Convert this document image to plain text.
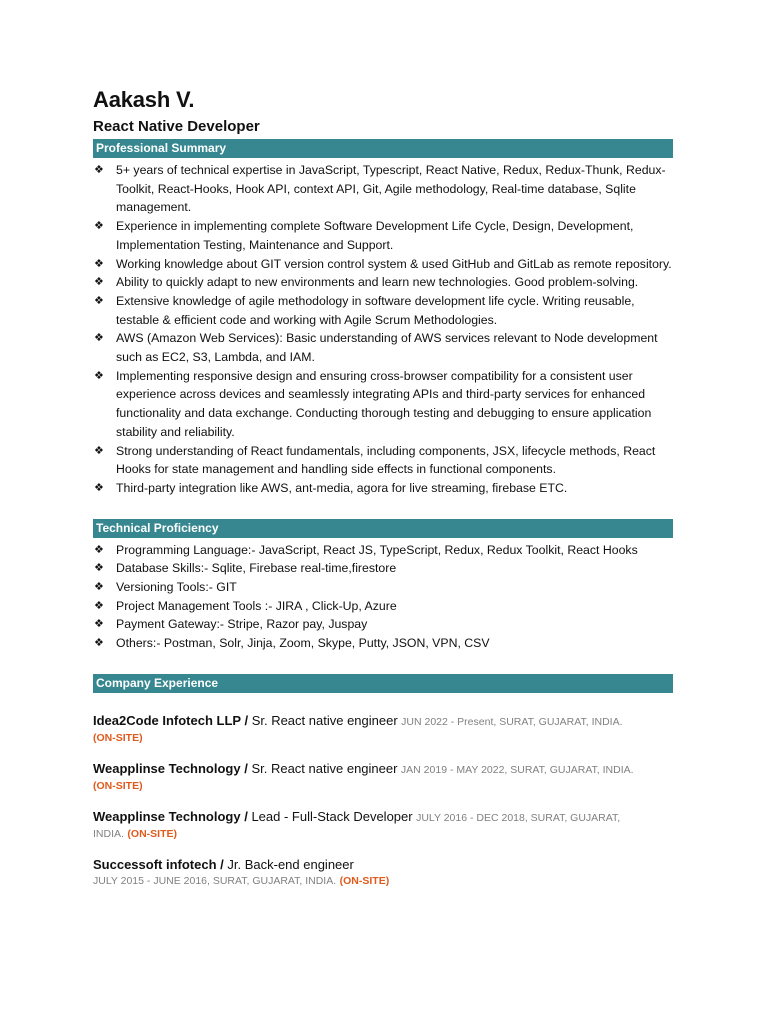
Aakash V.
React Native Developer
Professional Summary
❖ 5+ years of technical expertise in JavaScript, Typescript, React Native, Redux, Redux-Thunk, Redux-Toolkit, React-Hooks, Hook API, context API, Git, Agile methodology, Real-time database, Sqlite management.
❖ Experience in implementing complete Software Development Life Cycle, Design, Development, Implementation Testing, Maintenance and Support.
❖ Working knowledge about GIT version control system & used GitHub and GitLab as remote repository.
❖ Ability to quickly adapt to new environments and learn new technologies. Good problem-solving.
❖ Extensive knowledge of agile methodology in software development life cycle. Writing reusable, testable & efficient code and working with Agile Scrum Methodologies.
❖ AWS (Amazon Web Services): Basic understanding of AWS services relevant to Node development such as EC2, S3, Lambda, and IAM.
❖ Implementing responsive design and ensuring cross-browser compatibility for a consistent user experience across devices and seamlessly integrating APIs and third-party services for enhanced functionality and data exchange. Conducting thorough testing and debugging to ensure application stability and reliability.
❖ Strong understanding of React fundamentals, including components, JSX, lifecycle methods, React Hooks for state management and handling side effects in functional components.
❖ Third-party integration like AWS, ant-media, agora for live streaming, firebase ETC.
Technical Proficiency
❖ Programming Language:- JavaScript, React JS, TypeScript, Redux, Redux Toolkit, React Hooks
❖ Database Skills:- Sqlite, Firebase real-time,firestore
❖ Versioning Tools:- GIT
❖ Project Management Tools :- JIRA , Click-Up, Azure
❖ Payment Gateway:- Stripe, Razor pay, Juspay
❖ Others:- Postman, Solr, Jinja, Zoom, Skype, Putty, JSON, VPN, CSV
Company Experience
Idea2Code Infotech LLP / Sr. React native engineer JUN 2022 - Present, SURAT, GUJARAT, INDIA.
(ON-SITE)
Weapplinse Technology / Sr. React native engineer JAN 2019 - MAY 2022, SURAT, GUJARAT, INDIA.
(ON-SITE)
Weapplinse Technology / Lead - Full-Stack Developer JULY 2016 - DEC 2018, SURAT, GUJARAT,
INDIA. (ON-SITE)
Successoft infotech / Jr. Back-end engineer
JULY 2015 - JUNE 2016, SURAT, GUJARAT, INDIA. (ON-SITE)
